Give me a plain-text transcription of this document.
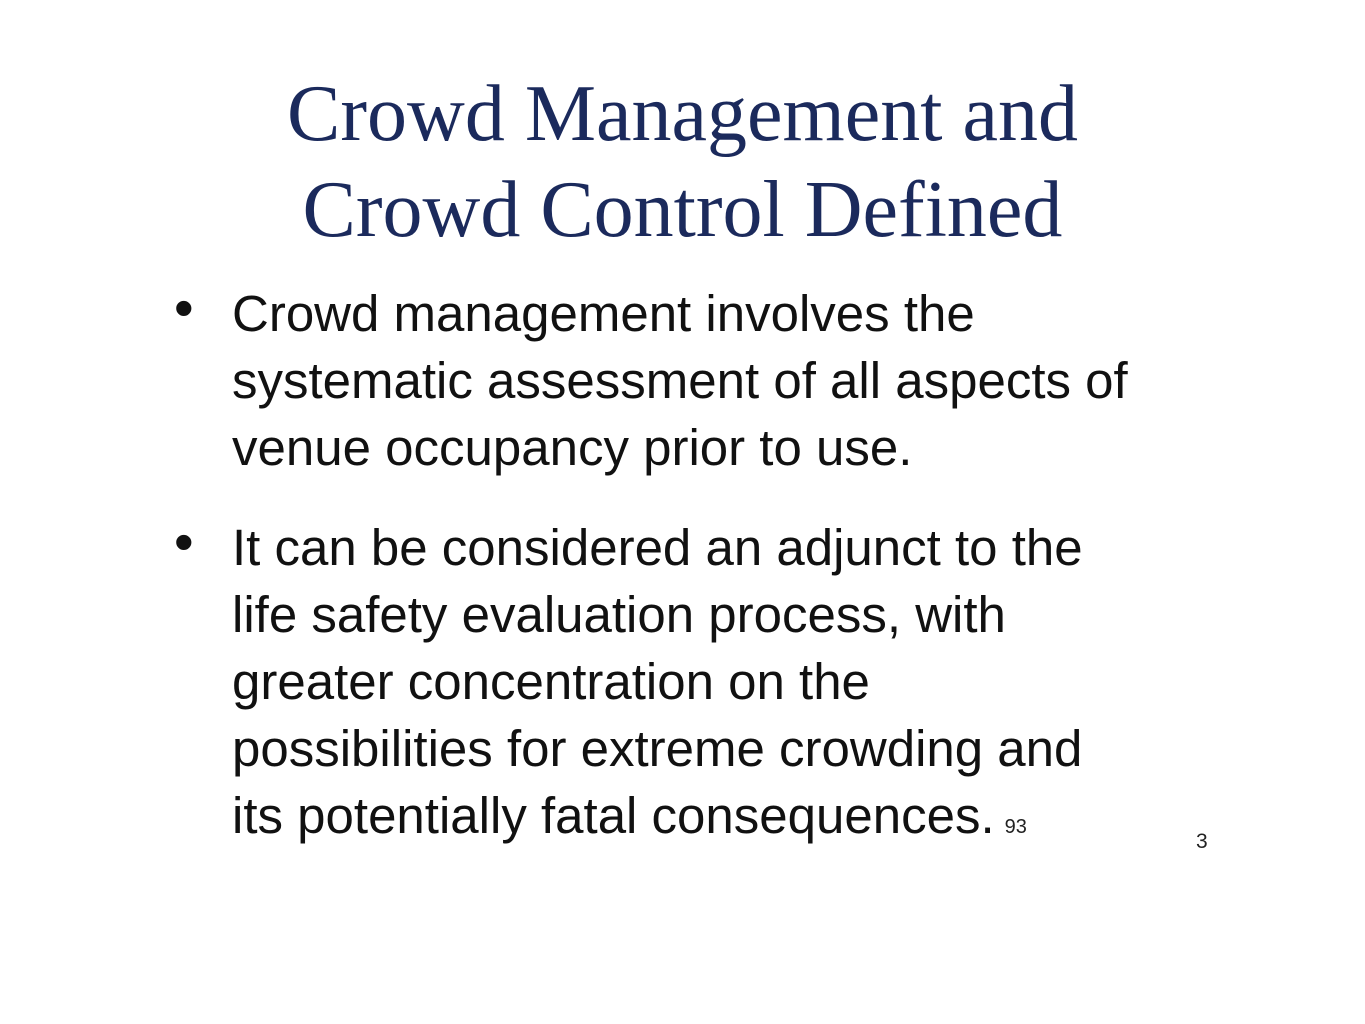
Crowd Management and
Crowd Control Defined
• Crowd management involves the
systematic assessment of all aspects of
venue occupancy prior to use.
• It can be considered an adjunct to the
life safety evaluation process, with
greater concentration on the
possibilities for extreme crowding and
its potentially fatal consequences. 93
3
